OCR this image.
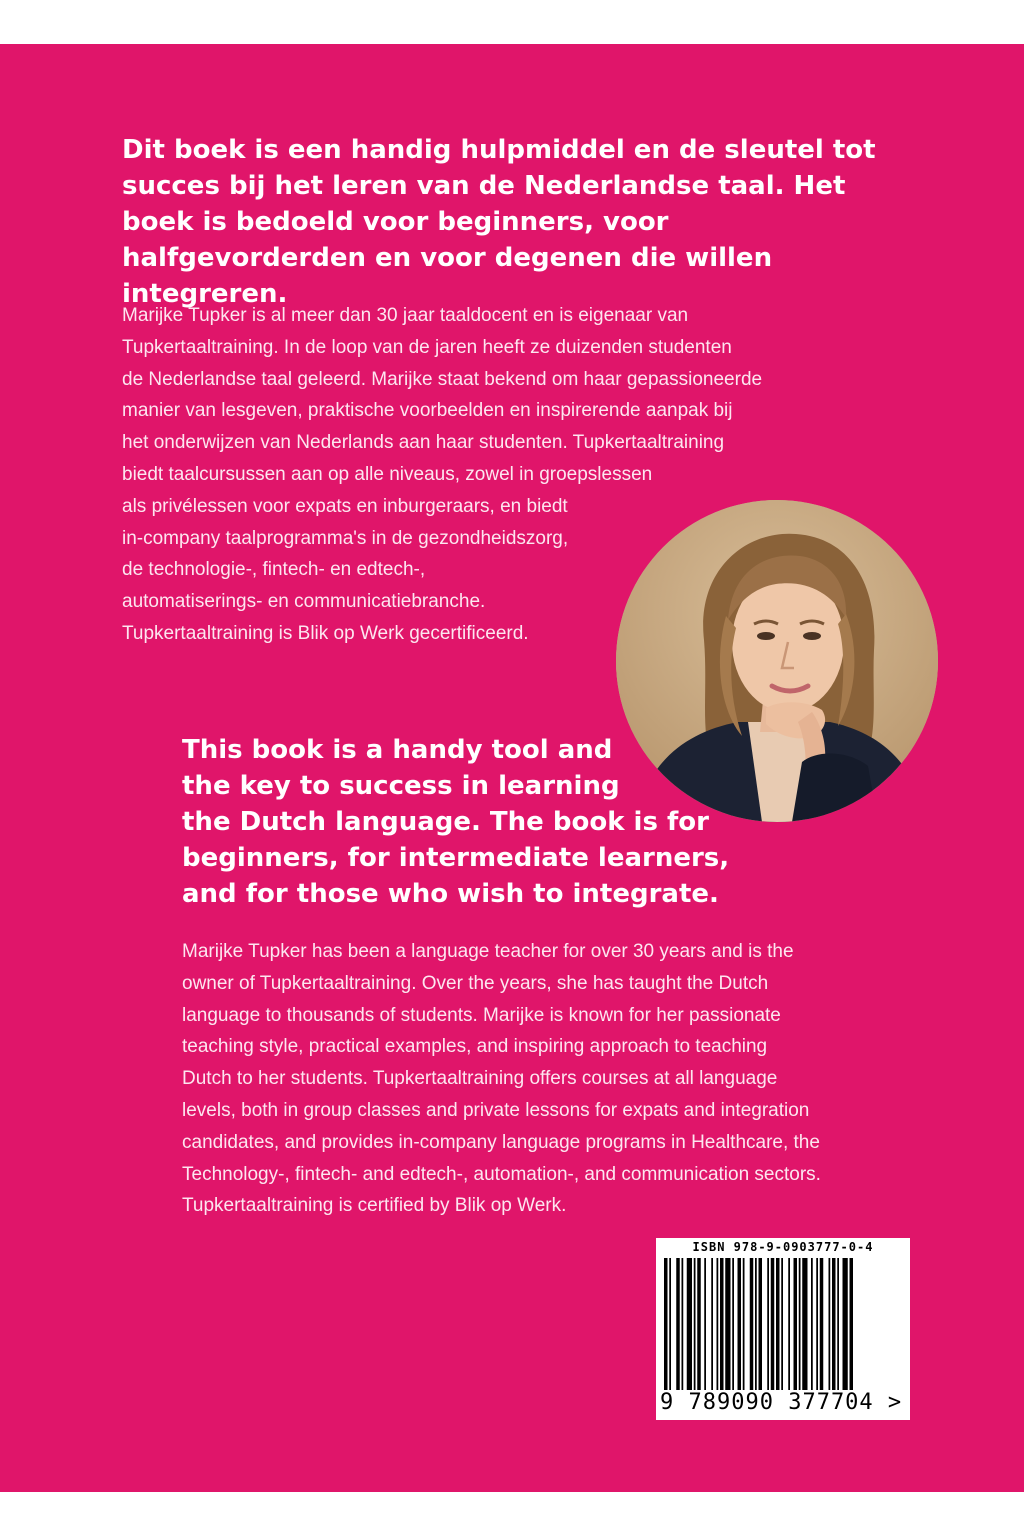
Dit boek is een handig hulpmiddel en de sleutel tot succes bij het leren van de Nederlandse taal. Het boek is bedoeld voor beginners, voor halfgevorderden en voor degenen die willen integreren.

Marijke Tupker is al meer dan 30 jaar taaldocent en is eigenaar van
Tupkertaaltraining. In de loop van de jaren heeft ze duizenden studenten
de Nederlandse taal geleerd. Marijke staat bekend om haar gepassioneerde
manier van lesgeven, praktische voorbeelden en inspirerende aanpak bij
het onderwijzen van Nederlands aan haar studenten. Tupkertaaltraining
biedt taalcursussen aan op alle niveaus, zowel in groepslessen
als privélessen voor expats en inburgeraars, en biedt
in-company taalprogramma's in de gezondheidszorg,
de technologie-, fintech- en edtech-,
automatiserings- en communicatiebranche.
Tupkertaaltraining is Blik op Werk gecertificeerd.

This book is a handy tool and
the key to success in learning
the Dutch language. The book is for
beginners, for intermediate learners,
and for those who wish to integrate.

Marijke Tupker has been a language teacher for over 30 years and is the
owner of Tupkertaaltraining. Over the years, she has taught the Dutch
language to thousands of students. Marijke is known for her passionate
teaching style, practical examples, and inspiring approach to teaching
Dutch to her students. Tupkertaaltraining offers courses at all language
levels, both in group classes and private lessons for expats and integration
candidates, and provides in-company language programs in Healthcare, the
Technology-, fintech- and edtech-, automation-, and communication sectors.
Tupkertaaltraining is certified by Blik op Werk.

ISBN 978-9-0903777-0-4
9 789090 377704 >
